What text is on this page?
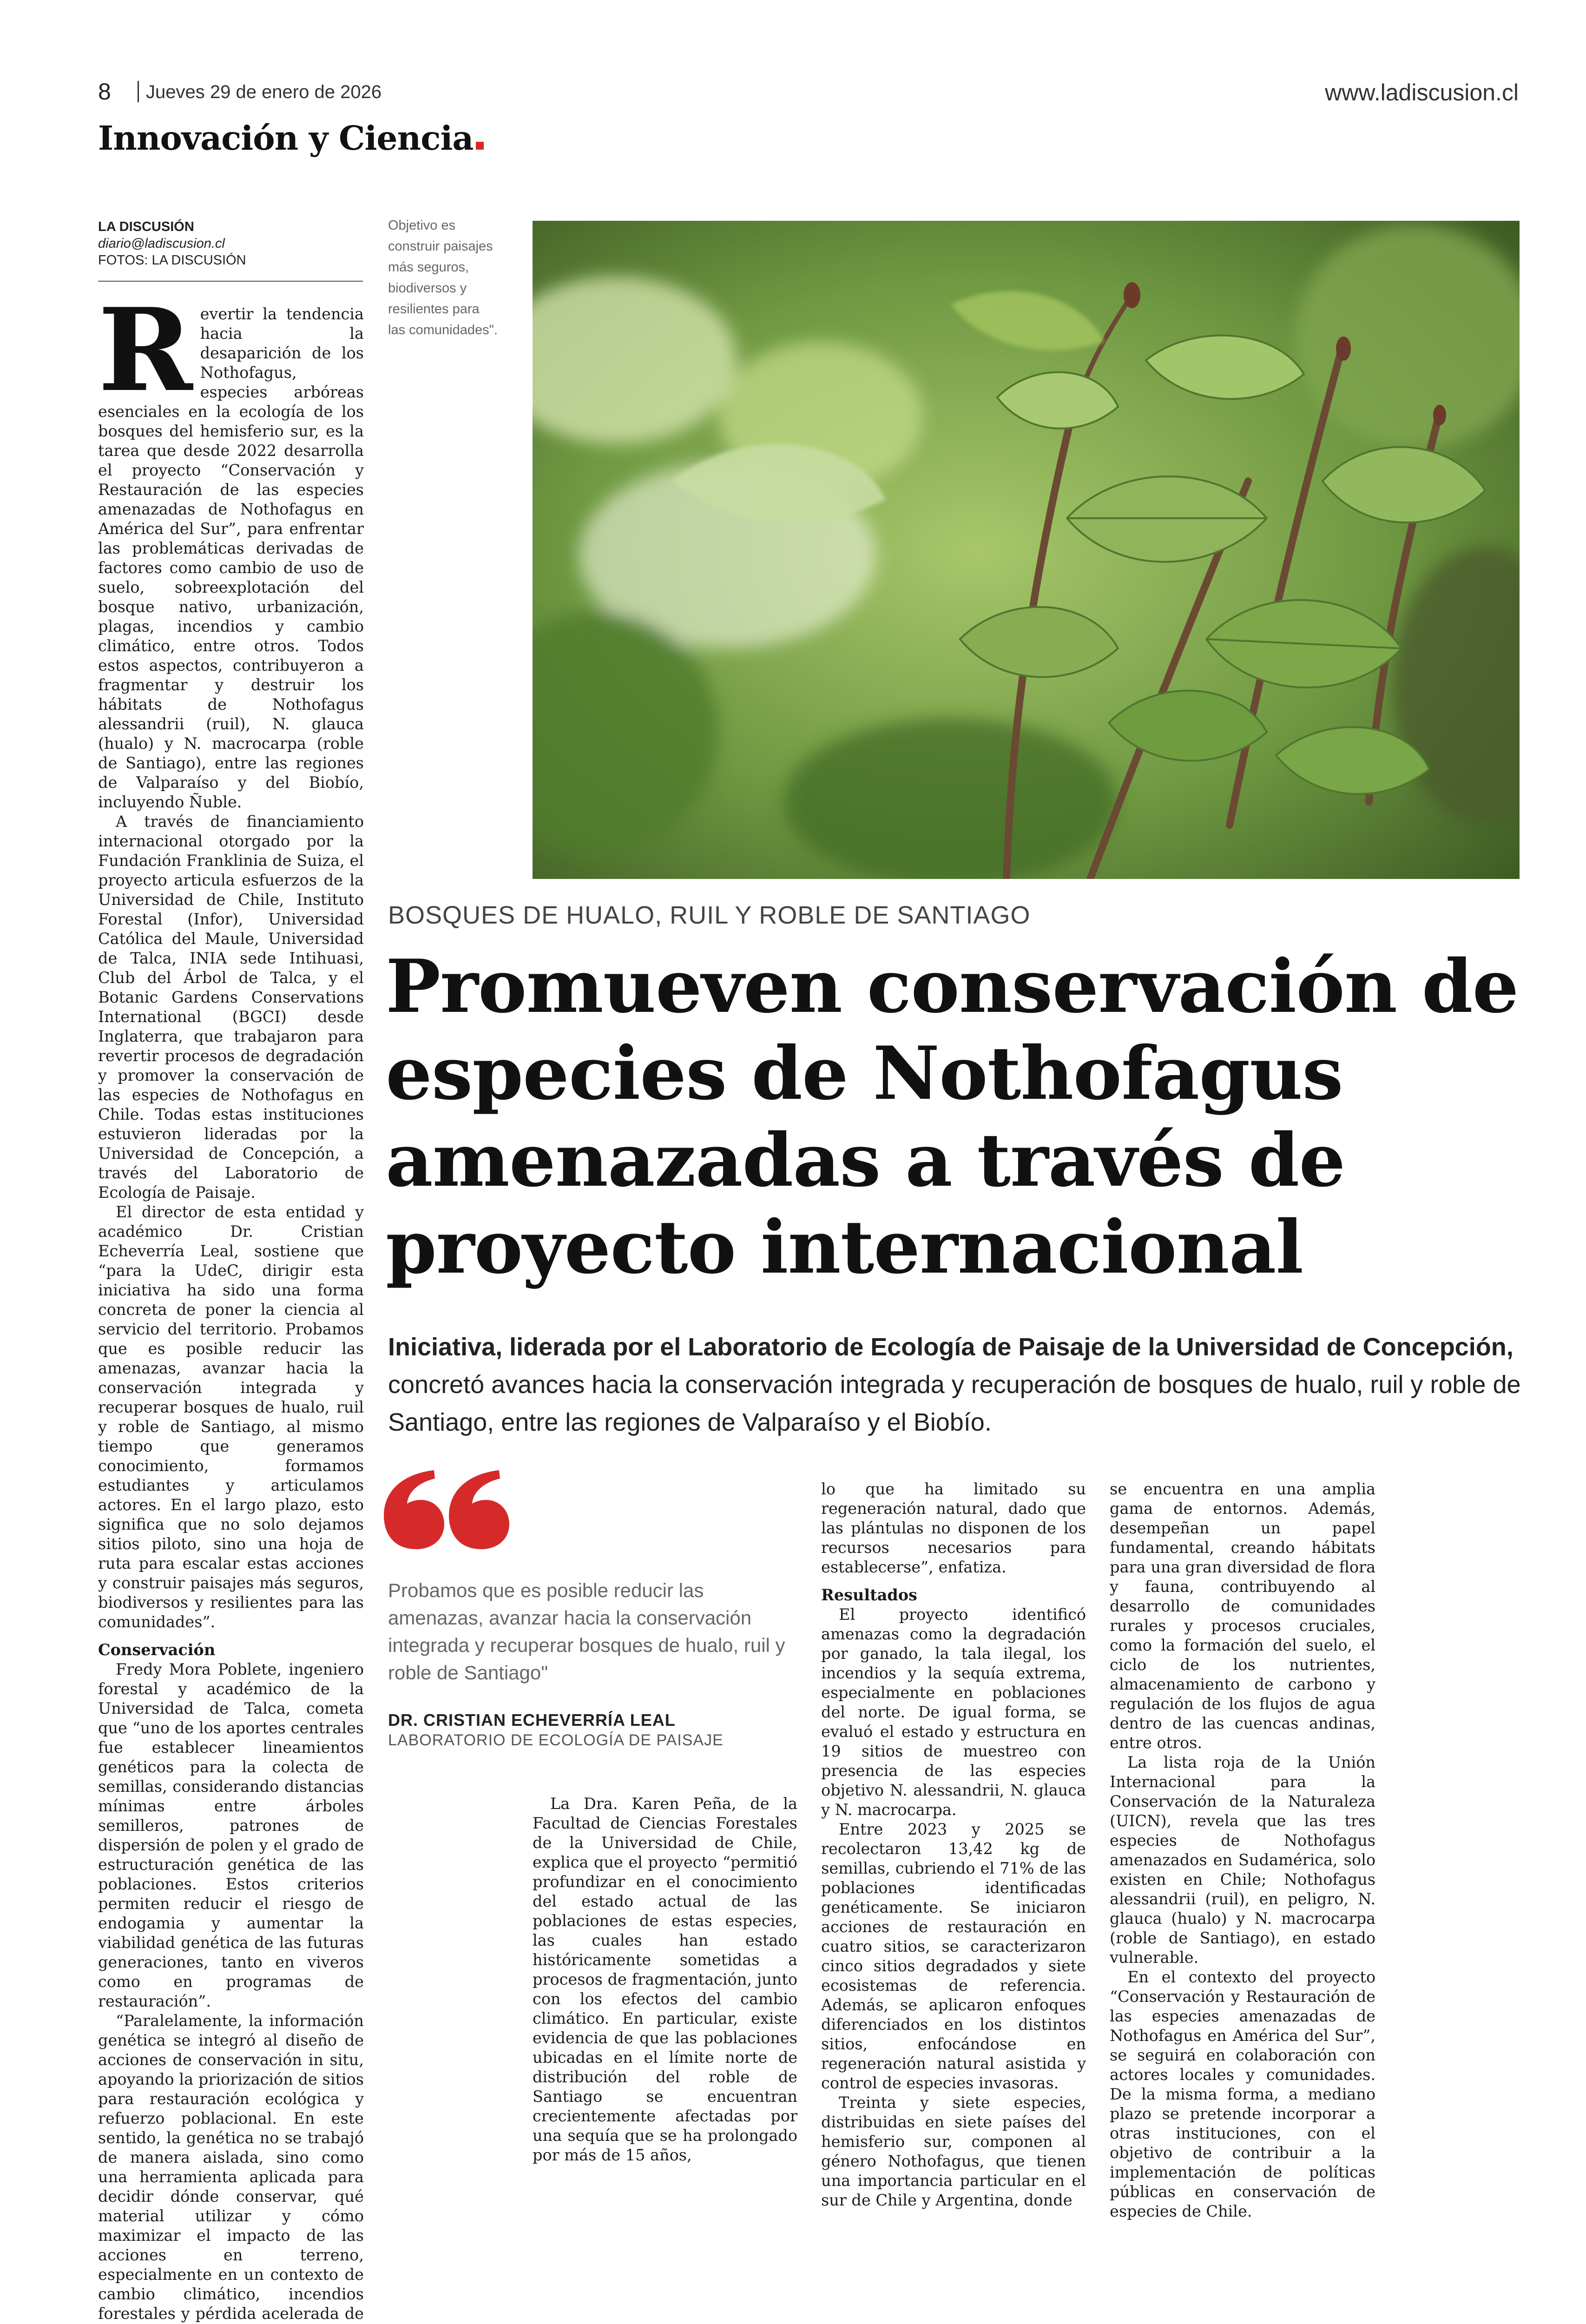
8 Jueves 29 de enero de 2026	www.ladiscusion.cl
Innovación y Ciencia
LA DISCUSIÓN
diario@ladiscusion.cl
FOTOS: LA DISCUSIÓN
Objetivo es construir paisajes más seguros, biodiversos y resilientes para las comunidades".
BOSQUES DE HUALO, RUIL Y ROBLE DE SANTIAGO
Promueven conservación de especies de Nothofagus amenazadas a través de proyecto internacional
Iniciativa, liderada por el Laboratorio de Ecología de Paisaje de la Universidad de Concepción, concretó avances hacia la conservación integrada y recuperación de bosques de hualo, ruil y roble de Santiago, entre las regiones de Valparaíso y el Biobío.
Probamos que es posible reducir las amenazas, avanzar hacia la conservación integrada y recuperar bosques de hualo, ruil y roble de Santiago"
DR. CRISTIAN ECHEVERRÍA LEAL
LABORATORIO DE ECOLOGÍA DE PAISAJE

Revertir la tendencia hacia la desaparición de los Nothofagus, especies arbóreas esenciales en la ecología de los bosques del hemisferio sur, es la tarea que desde 2022 desarrolla el proyecto “Conservación y Restauración de las especies amenazadas de Nothofagus en América del Sur”, para enfrentar las problemáticas derivadas de factores como cambio de uso de suelo, sobreexplotación del bosque nativo, urbanización, plagas, incendios y cambio climático, entre otros. Todos estos aspectos, contribuyeron a fragmentar y destruir los hábitats de Nothofagus alessandrii (ruil), N. glauca (hualo) y N. macrocarpa (roble de Santiago), entre las regiones de Valparaíso y del Biobío, incluyendo Ñuble.

A través de financiamiento internacional otorgado por la Fundación Franklinia de Suiza, el proyecto articula esfuerzos de la Universidad de Chile, Instituto Forestal (Infor), Universidad Católica del Maule, Universidad de Talca, INIA sede Intihuasi, Club del Árbol de Talca, y el Botanic Gardens Conservations International (BGCI) desde Inglaterra, que trabajaron para revertir procesos de degradación y promover la conservación de las especies de Nothofagus en Chile. Todas estas instituciones estuvieron lideradas por la Universidad de Concepción, a través del Laboratorio de Ecología de Paisaje.

El director de esta entidad y académico Dr. Cristian Echeverría Leal, sostiene que “para la UdeC, dirigir esta iniciativa ha sido una forma concreta de poner la ciencia al servicio del territorio. Probamos que es posible reducir las amenazas, avanzar hacia la conservación integrada y recuperar bosques de hualo, ruil y roble de Santiago, al mismo tiempo que generamos conocimiento, formamos estudiantes y articulamos actores. En el largo plazo, esto significa que no solo dejamos sitios piloto, sino una hoja de ruta para escalar estas acciones y construir paisajes más seguros, biodiversos y resilientes para las comunidades”.

Conservación

Fredy Mora Poblete, ingeniero forestal y académico de la Universidad de Talca, cometa que “uno de los aportes centrales fue establecer lineamientos genéticos para la colecta de semillas, considerando distancias mínimas entre árboles semilleros, patrones de dispersión de polen y el grado de estructuración genética de las poblaciones. Estos criterios permiten reducir el riesgo de endogamia y aumentar la viabilidad genética de las futuras generaciones, tanto en viveros como en programas de restauración”.

“Paralelamente, la información genética se integró al diseño de acciones de conservación in situ, apoyando la priorización de sitios para restauración ecológica y refuerzo poblacional. En este sentido, la genética no se trabajó de manera aislada, sino como una herramienta aplicada para decidir dónde conservar, qué material utilizar y cómo maximizar el impacto de las acciones en terreno, especialmente en un contexto de cambio climático, incendios forestales y pérdida acelerada de

La Dra. Karen Peña, de la Facultad de Ciencias Forestales de la Universidad de Chile, explica que el proyecto “permitió profundizar en el conocimiento del estado actual de las poblaciones de estas especies, las cuales han estado históricamente sometidas a procesos de fragmentación, junto con los efectos del cambio climático. En particular, existe evidencia de que las poblaciones ubicadas en el límite norte de distribución del roble de Santiago se encuentran crecientemente afectadas por una sequía que se ha prolongado por más de 15 años,

lo que ha limitado su regeneración natural, dado que las plántulas no disponen de los recursos necesarios para establecerse”, enfatiza.

Resultados

El proyecto identificó amenazas como la degradación por ganado, la tala ilegal, los incendios y la sequía extrema, especialmente en poblaciones del norte. De igual forma, se evaluó el estado y estructura en 19 sitios de muestreo con presencia de las especies objetivo N. alessandrii, N. glauca y N. macrocarpa.

Entre 2023 y 2025 se recolectaron 13,42 kg de semillas, cubriendo el 71% de las poblaciones identificadas genéticamente. Se iniciaron acciones de restauración en cuatro sitios, se caracterizaron cinco sitios degradados y siete ecosistemas de referencia. Además, se aplicaron enfoques diferenciados en los distintos sitios, enfocándose en regeneración natural asistida y control de especies invasoras.

Treinta y siete especies, distribuidas en siete países del hemisferio sur, componen al género Nothofagus, que tienen una importancia particular en el sur de Chile y Argentina, donde

se encuentra en una amplia gama de entornos. Además, desempeñan un papel fundamental, creando hábitats para una gran diversidad de flora y fauna, contribuyendo al desarrollo de comunidades rurales y procesos cruciales, como la formación del suelo, el ciclo de los nutrientes, almacenamiento de carbono y regulación de los flujos de agua dentro de las cuencas andinas, entre otros.

La lista roja de la Unión Internacional para la Conservación de la Naturaleza (UICN), revela que las tres especies de Nothofagus amenazados en Sudamérica, solo existen en Chile; Nothofagus alessandrii (ruil), en peligro, N. glauca (hualo) y N. macrocarpa (roble de Santiago), en estado vulnerable.

En el contexto del proyecto “Conservación y Restauración de las especies amenazadas de Nothofagus en América del Sur”, se seguirá en colaboración con actores locales y comunidades. De la misma forma, a mediano plazo se pretende incorporar a otras instituciones, con el objetivo de contribuir a la implementación de políticas públicas en conservación de especies de Chile.
